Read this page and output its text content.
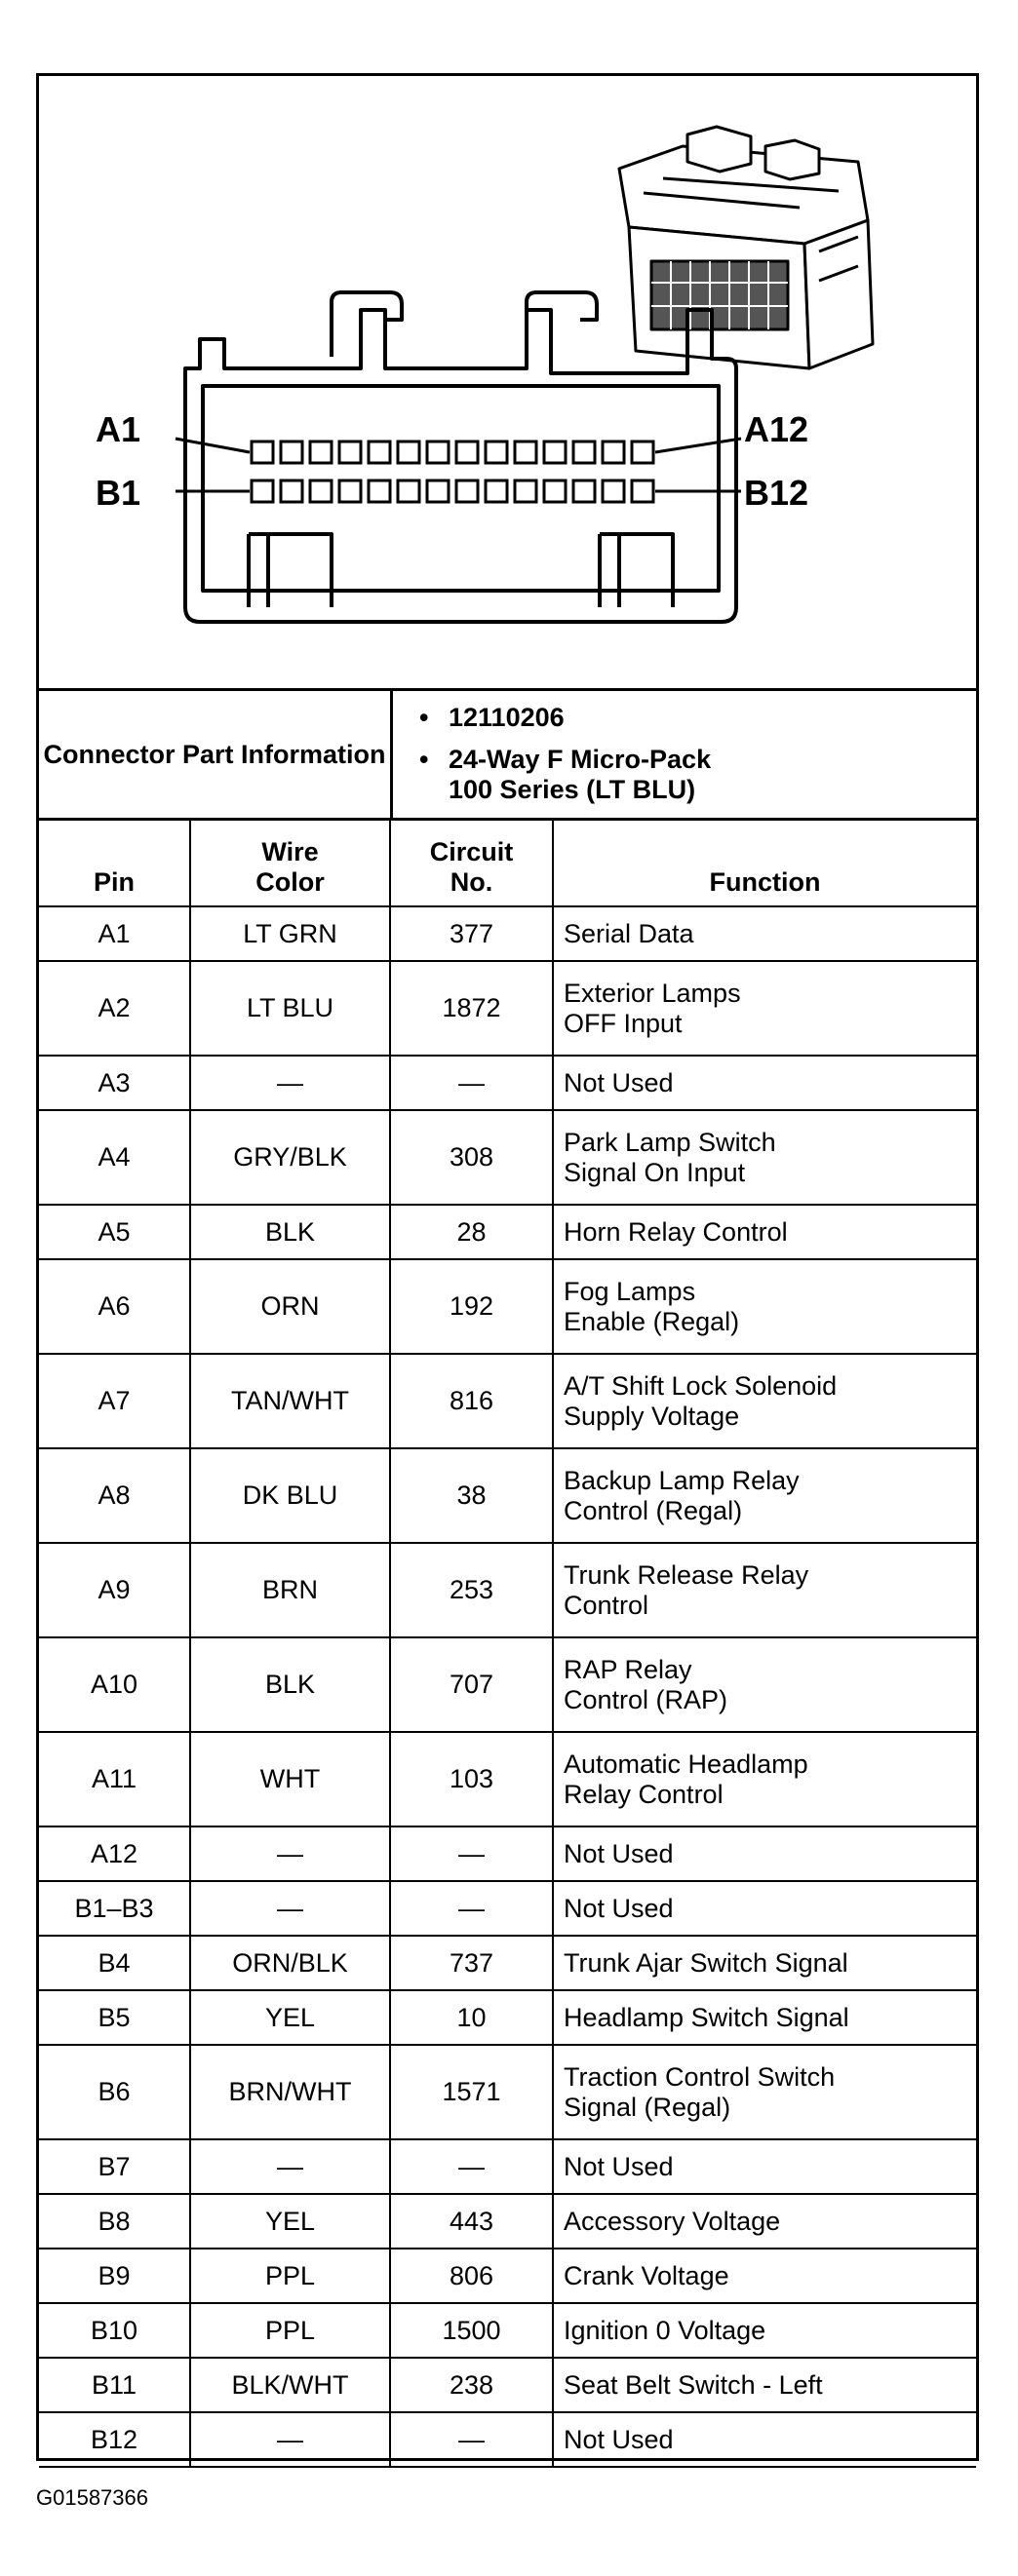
A1
B1
A12
B12
Connector Part Information
• 12110206
• 24-Way F Micro-Pack
100 Series (LT BLU)
Pin	Wire Color	Circuit No.	Function
A1	LT GRN	377	Serial Data
A2	LT BLU	1872	Exterior Lamps
OFF Input
A3	—	—	Not Used
A4	GRY/BLK	308	Park Lamp Switch
Signal On Input
A5	BLK	28	Horn Relay Control
A6	ORN	192	Fog Lamps
Enable (Regal)
A7	TAN/WHT	816	A/T Shift Lock Solenoid
Supply Voltage
A8	DK BLU	38	Backup Lamp Relay
Control (Regal)
A9	BRN	253	Trunk Release Relay
Control
A10	BLK	707	RAP Relay
Control (RAP)
A11	WHT	103	Automatic Headlamp
Relay Control
A12	—	—	Not Used
B1–B3	—	—	Not Used
B4	ORN/BLK	737	Trunk Ajar Switch Signal
B5	YEL	10	Headlamp Switch Signal
B6	BRN/WHT	1571	Traction Control Switch
Signal (Regal)
B7	—	—	Not Used
B8	YEL	443	Accessory Voltage
B9	PPL	806	Crank Voltage
B10	PPL	1500	Ignition 0 Voltage
B11	BLK/WHT	238	Seat Belt Switch - Left
B12	—	—	Not Used
G01587366
